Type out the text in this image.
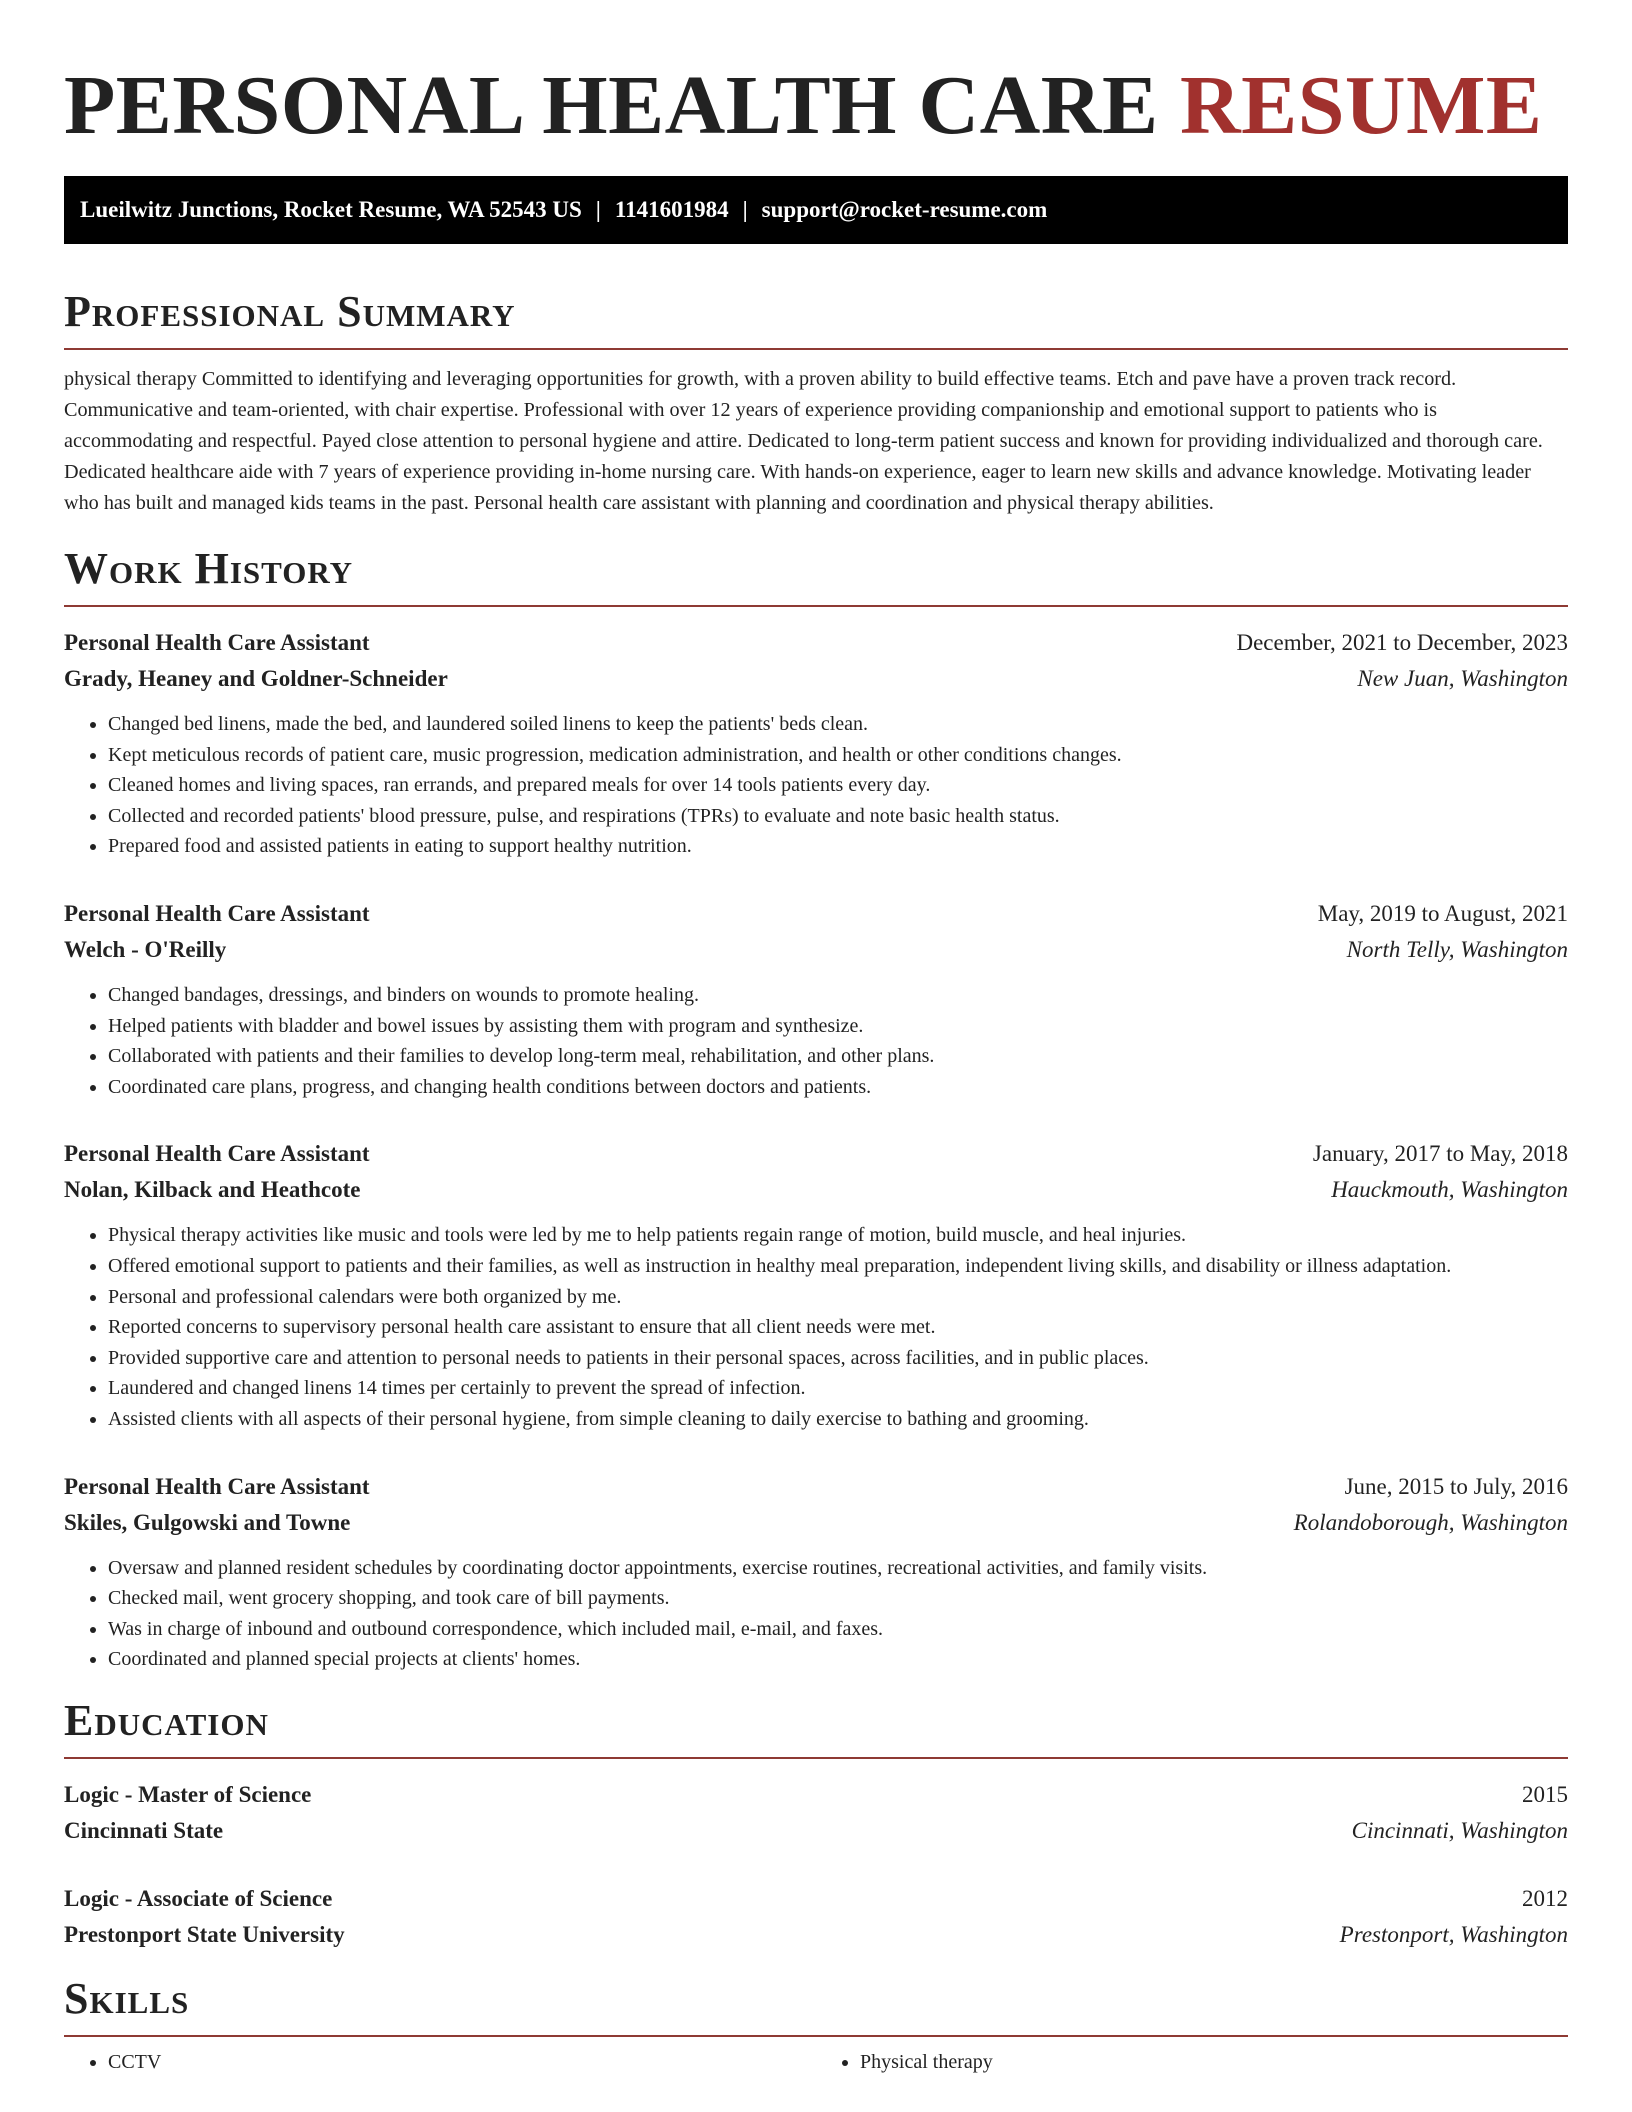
PERSONAL HEALTH CARE RESUME
Lueilwitz Junctions, Rocket Resume, WA 52543 US | 1141601984 | support@rocket-resume.com
Professional Summary

physical therapy Committed to identifying and leveraging opportunities for growth, with a proven ability to build effective teams. Etch and pave have a proven track record. Communicative and team-oriented, with chair expertise. Professional with over 12 years of experience providing companionship and emotional support to patients who is accommodating and respectful. Payed close attention to personal hygiene and attire. Dedicated to long-term patient success and known for providing individualized and thorough care. Dedicated healthcare aide with 7 years of experience providing in-home nursing care. With hands-on experience, eager to learn new skills and advance knowledge. Motivating leader who has built and managed kids teams in the past. Personal health care assistant with planning and coordination and physical therapy abilities.

Work History
Personal Health Care Assistant	December, 2021 to December, 2023
Grady, Heaney and Goldner-Schneider	New Juan, Washington
• Changed bed linens, made the bed, and laundered soiled linens to keep the patients' beds clean.
• Kept meticulous records of patient care, music progression, medication administration, and health or other conditions changes.
• Cleaned homes and living spaces, ran errands, and prepared meals for over 14 tools patients every day.
• Collected and recorded patients' blood pressure, pulse, and respirations (TPRs) to evaluate and note basic health status.
• Prepared food and assisted patients in eating to support healthy nutrition.
Personal Health Care Assistant	May, 2019 to August, 2021
Welch - O'Reilly	North Telly, Washington
• Changed bandages, dressings, and binders on wounds to promote healing.
• Helped patients with bladder and bowel issues by assisting them with program and synthesize.
• Collaborated with patients and their families to develop long-term meal, rehabilitation, and other plans.
• Coordinated care plans, progress, and changing health conditions between doctors and patients.
Personal Health Care Assistant	January, 2017 to May, 2018
Nolan, Kilback and Heathcote	Hauckmouth, Washington
• Physical therapy activities like music and tools were led by me to help patients regain range of motion, build muscle, and heal injuries.
• Offered emotional support to patients and their families, as well as instruction in healthy meal preparation, independent living skills, and disability or illness adaptation.
• Personal and professional calendars were both organized by me.
• Reported concerns to supervisory personal health care assistant to ensure that all client needs were met.
• Provided supportive care and attention to personal needs to patients in their personal spaces, across facilities, and in public places.
• Laundered and changed linens 14 times per certainly to prevent the spread of infection.
• Assisted clients with all aspects of their personal hygiene, from simple cleaning to daily exercise to bathing and grooming.
Personal Health Care Assistant	June, 2015 to July, 2016
Skiles, Gulgowski and Towne	Rolandoborough, Washington
• Oversaw and planned resident schedules by coordinating doctor appointments, exercise routines, recreational activities, and family visits.
• Checked mail, went grocery shopping, and took care of bill payments.
• Was in charge of inbound and outbound correspondence, which included mail, e-mail, and faxes.
• Coordinated and planned special projects at clients' homes.
Education
Logic - Master of Science	2015
Cincinnati State	Cincinnati, Washington
Logic - Associate of Science	2012
Prestonport State University	Prestonport, Washington
Skills
• CCTV
•	Physical therapy
